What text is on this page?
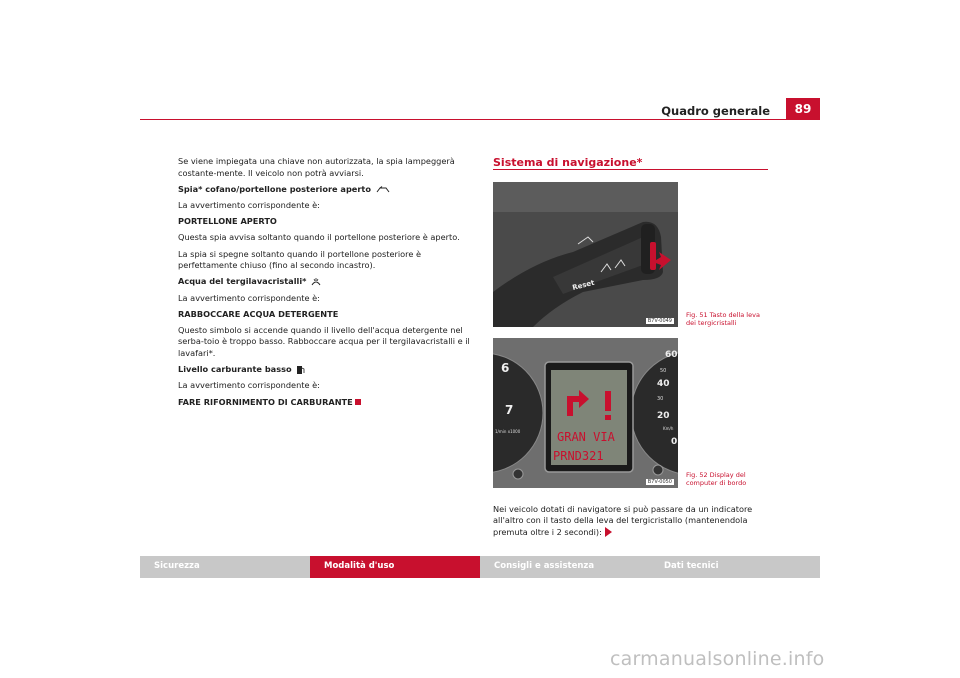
Quadro generale	89

Se viene impiegata una chiave non autorizzata, la spia lampeggerà costante-mente. Il veicolo non potrà avviarsi.

Spia* cofano/portellone posteriore aperto

La avvertimento corrispondente è:

PORTELLONE APERTO

Questa spia avvisa soltanto quando il portellone posteriore è aperto.

La spia si spegne soltanto quando il portellone posteriore è perfettamente chiuso (fino al secondo incastro).

Acqua del tergilavacristalli*

La avvertimento corrispondente è:

RABBOCCARE ACQUA DETERGENTE

Questo simbolo si accende quando il livello dell'acqua detergente nel serba-toio è troppo basso. Rabboccare acqua per il tergilavacristalli e il lavafari*.

Livello carburante basso

La avvertimento corrispondente è:

FARE RIFORNIMENTO DI CARBURANTE

Sistema di navigazione*
Reset
B7V-0049
Fig. 51 Tasto della leva
dei tergicristalli
6
7
1/min x1000
60
50
40
30
20
Km/h
0
GRAN VIA
PRND321
B7V-0050
Fig. 52 Display del
computer di bordo
Nei veicolo dotati di navigatore si può passare da un indicatore all'altro con il tasto della leva del tergicristallo (mantenendola premuta oltre i 2 secondi):
Sicurezza	Modalità d'uso	Consigli e assistenza	Dati tecnici
carmanualsonline.info
